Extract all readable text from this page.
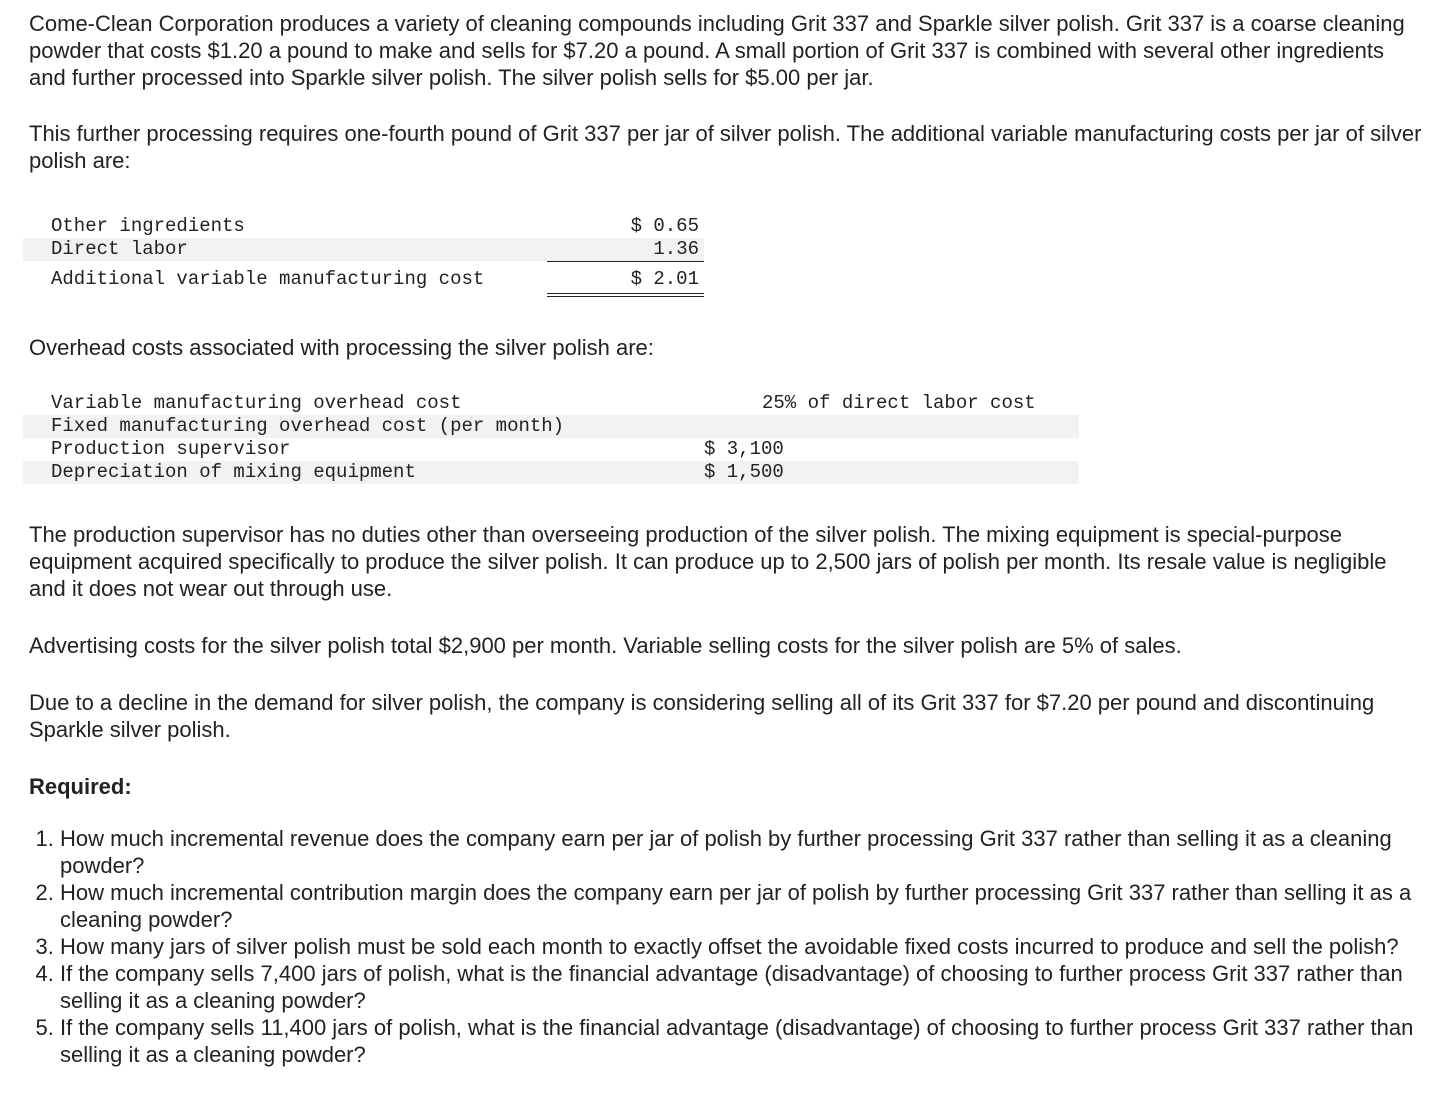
Come-Clean Corporation produces a variety of cleaning compounds including Grit 337 and Sparkle silver polish. Grit 337 is a coarse cleaning powder that costs $1.20 a pound to make and sells for $7.20 a pound. A small portion of Grit 337 is combined with several other ingredients and further processed into Sparkle silver polish. The silver polish sells for $5.00 per jar.

This further processing requires one-fourth pound of Grit 337 per jar of silver polish. The additional variable manufacturing costs per jar of silver polish are:

Other ingredients	$ 0.65
Direct labor	1.36
Additional variable manufacturing cost	$ 2.01

Overhead costs associated with processing the silver polish are:

Variable manufacturing overhead cost	25% of direct labor cost
Fixed manufacturing overhead cost (per month)
Production supervisor	$ 3,100
Depreciation of mixing equipment	$ 1,500

The production supervisor has no duties other than overseeing production of the silver polish. The mixing equipment is special-purpose equipment acquired specifically to produce the silver polish. It can produce up to 2,500 jars of polish per month. Its resale value is negligible and it does not wear out through use.

Advertising costs for the silver polish total $2,900 per month. Variable selling costs for the silver polish are 5% of sales.

Due to a decline in the demand for silver polish, the company is considering selling all of its Grit 337 for $7.20 per pound and discontinuing Sparkle silver polish.

Required:

1. How much incremental revenue does the company earn per jar of polish by further processing Grit 337 rather than selling it as a cleaning powder?
2. How much incremental contribution margin does the company earn per jar of polish by further processing Grit 337 rather than selling it as a cleaning powder?
3. How many jars of silver polish must be sold each month to exactly offset the avoidable fixed costs incurred to produce and sell the polish?
4. If the company sells 7,400 jars of polish, what is the financial advantage (disadvantage) of choosing to further process Grit 337 rather than selling it as a cleaning powder?
5. If the company sells 11,400 jars of polish, what is the financial advantage (disadvantage) of choosing to further process Grit 337 rather than selling it as a cleaning powder?
